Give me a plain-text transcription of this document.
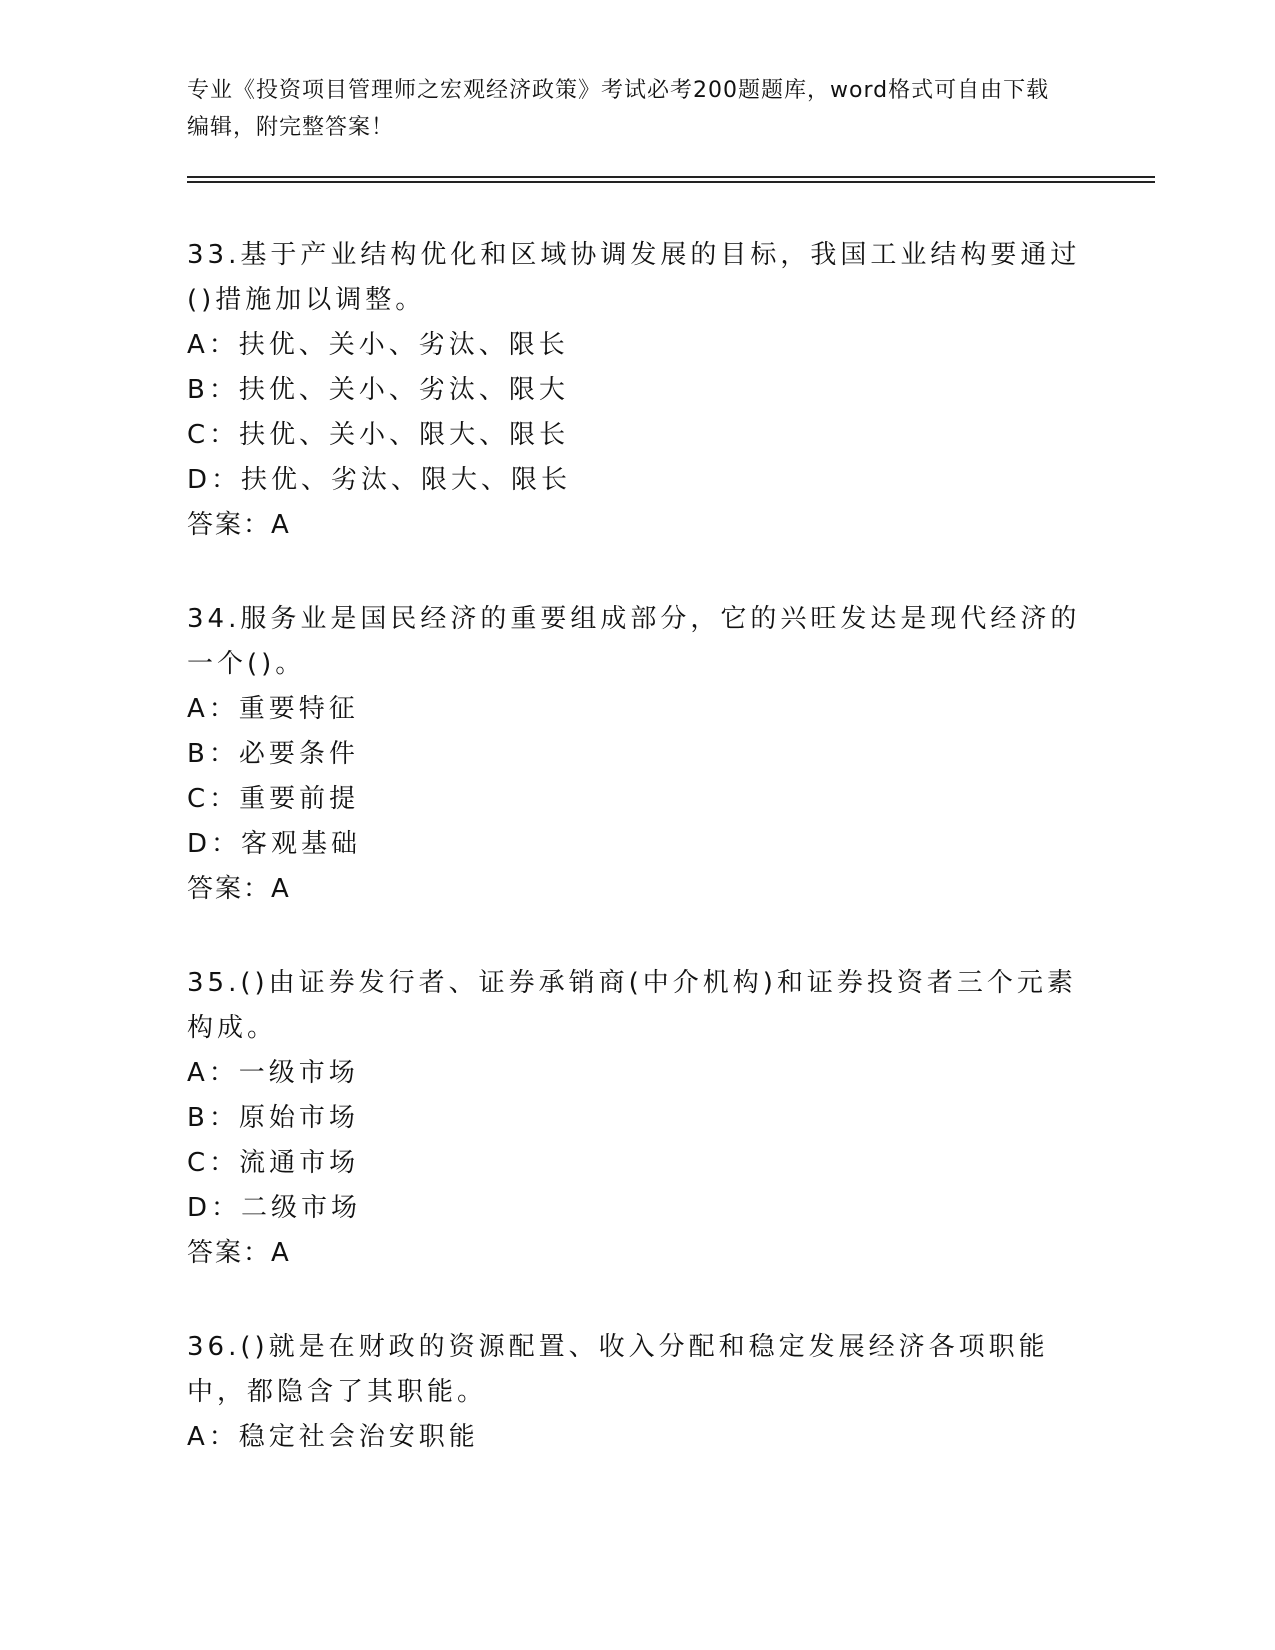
专业《投资项目管理师之宏观经济政策》考试必考200题题库，word格式可自由下载编辑，附完整答案！
33.基于产业结构优化和区域协调发展的目标，我国工业结构要通过()措施加以调整。
A：扶优、关小、劣汰、限长
B：扶优、关小、劣汰、限大
C：扶优、关小、限大、限长
D：扶优、劣汰、限大、限长
答案：A
34.服务业是国民经济的重要组成部分，它的兴旺发达是现代经济的一个()。
A：重要特征
B：必要条件
C：重要前提
D：客观基础
答案：A
35.()由证券发行者、证券承销商(中介机构)和证券投资者三个元素构成。
A：一级市场
B：原始市场
C：流通市场
D：二级市场
答案：A
36.()就是在财政的资源配置、收入分配和稳定发展经济各项职能中，都隐含了其职能。
A：稳定社会治安职能
